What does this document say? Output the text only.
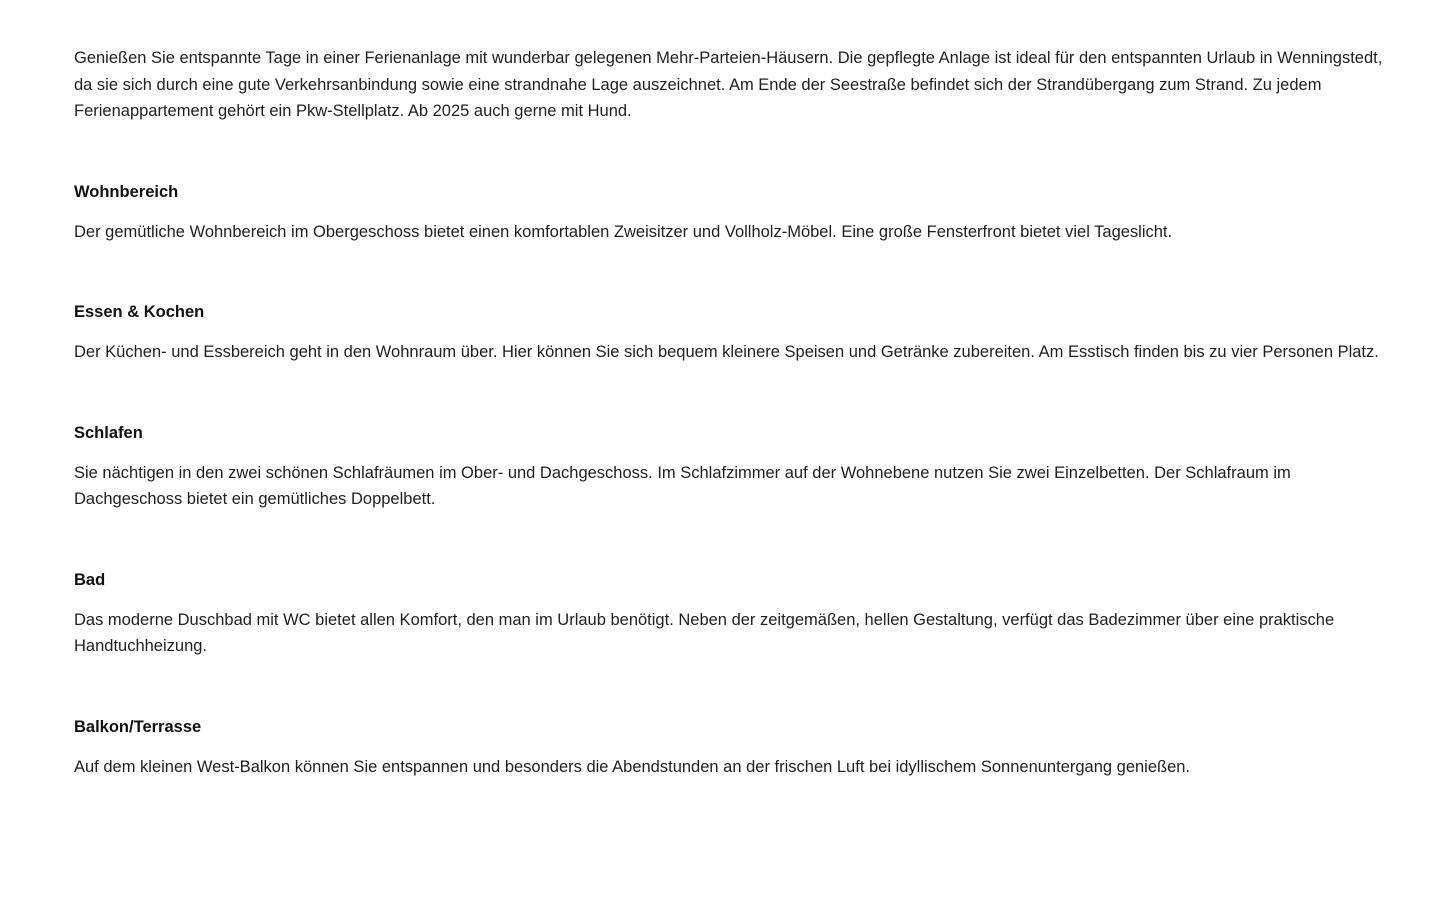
Genießen Sie entspannte Tage in einer Ferienanlage mit wunderbar gelegenen Mehr-Parteien-Häusern. Die gepflegte Anlage ist ideal für den entspannten Urlaub in Wenningstedt, da sie sich durch eine gute Verkehrsanbindung sowie eine strandnahe Lage auszeichnet. Am Ende der Seestraße befindet sich der Strandübergang zum Strand. Zu jedem Ferienappartement gehört ein Pkw-Stellplatz. Ab 2025 auch gerne mit Hund.

Wohnbereich

Der gemütliche Wohnbereich im Obergeschoss bietet einen komfortablen Zweisitzer und Vollholz-Möbel. Eine große Fensterfront bietet viel Tageslicht.

Essen & Kochen

Der Küchen- und Essbereich geht in den Wohnraum über. Hier können Sie sich bequem kleinere Speisen und Getränke zubereiten. Am Esstisch finden bis zu vier Personen Platz.

Schlafen

Sie nächtigen in den zwei schönen Schlafräumen im Ober- und Dachgeschoss. Im Schlafzimmer auf der Wohnebene nutzen Sie zwei Einzelbetten. Der Schlafraum im Dachgeschoss bietet ein gemütliches Doppelbett.

Bad

Das moderne Duschbad mit WC bietet allen Komfort, den man im Urlaub benötigt. Neben der zeitgemäßen, hellen Gestaltung, verfügt das Badezimmer über eine praktische Handtuchheizung.

Balkon/Terrasse

Auf dem kleinen West-Balkon können Sie entspannen und besonders die Abendstunden an der frischen Luft bei idyllischem Sonnenuntergang genießen.
